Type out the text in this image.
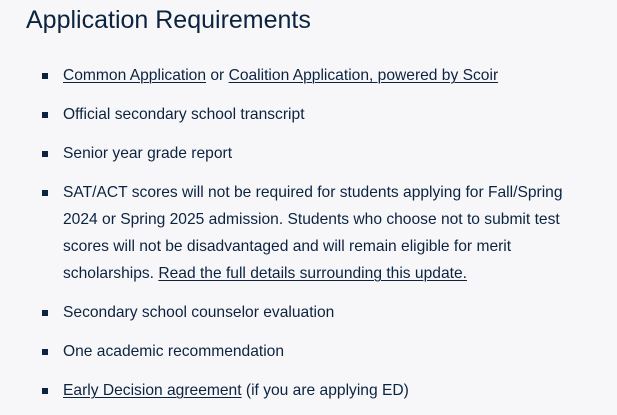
Application Requirements
Common Application or Coalition Application, powered by Scoir
Official secondary school transcript
Senior year grade report
SAT/ACT scores will not be required for students applying for Fall/Spring 2024 or Spring 2025 admission. Students who choose not to submit test scores will not be disadvantaged and will remain eligible for merit scholarships. Read the full details surrounding this update.
Secondary school counselor evaluation
One academic recommendation
Early Decision agreement (if you are applying ED)
